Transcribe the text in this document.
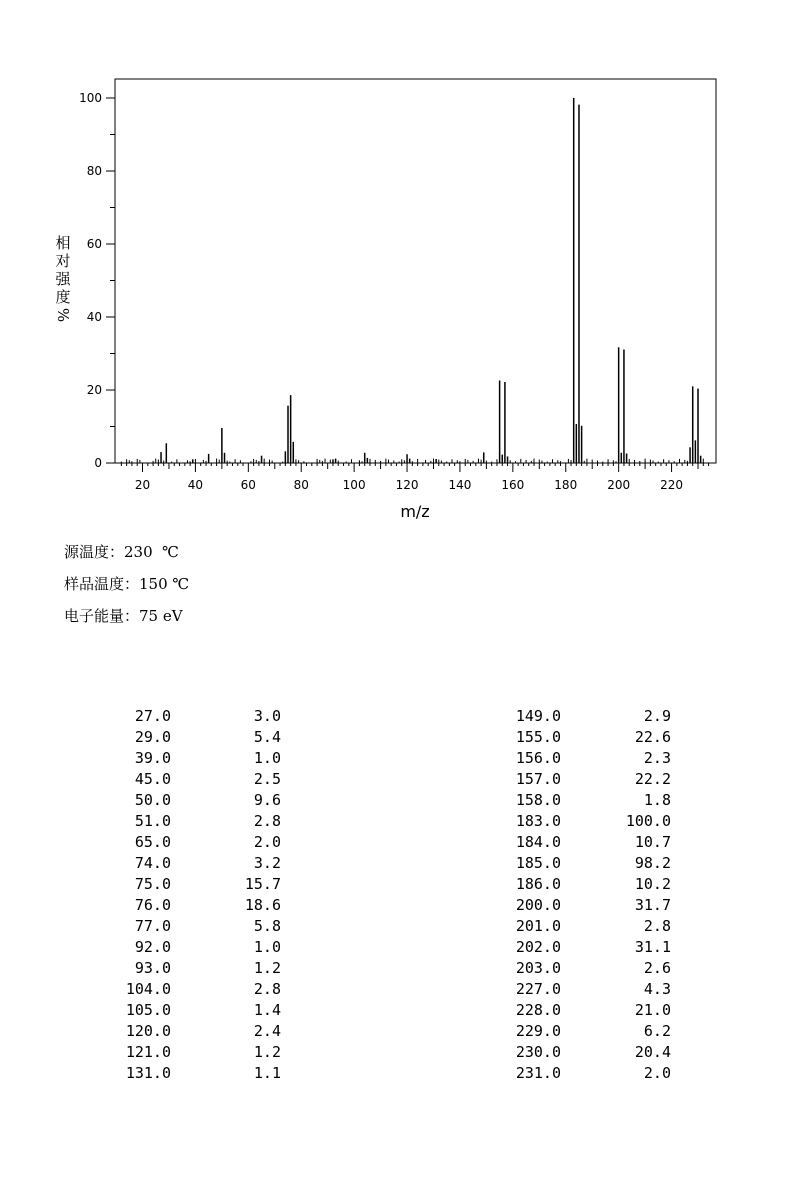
0
20
40
60
80
100
20	40	60	80	100 120 140 160 180 200 220
m/z
相
对
强
度
%
源温度：230  ℃
样品温度：150 ℃
电子能量：75 eV
27.0	3.0
29.0	5.4
39.0	1.0
45.0	2.5
50.0	9.6
51.0	2.8
65.0	2.0
74.0	3.2
75.0	15.7
76.0	18.6
77.0	5.8
92.0	1.0
93.0	1.2
104.0	2.8
105.0	1.4
120.0	2.4
121.0	1.2
131.0	1.1
149.0	2.9
155.0	22.6
156.0	2.3
157.0	22.2
158.0	1.8
183.0	100.0
184.0	10.7
185.0	98.2
186.0	10.2
200.0	31.7
201.0	2.8
202.0	31.1
203.0	2.6
227.0	4.3
228.0	21.0
229.0	6.2
230.0	20.4
231.0	2.0
